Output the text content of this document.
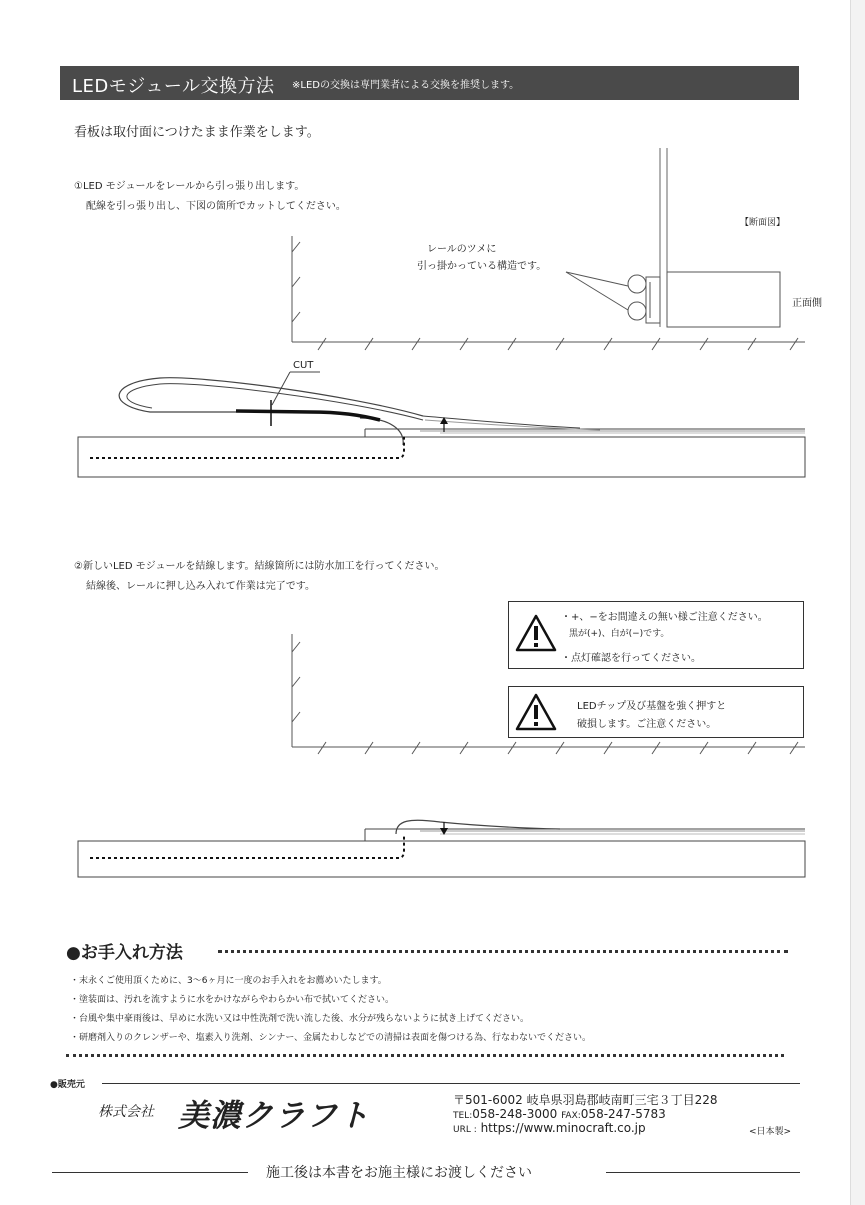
LEDモジュール交換方法 ※LEDの交換は専門業者による交換を推奨します。
看板は取付面につけたまま作業をします。
①LED モジュールをレールから引っ張り出します。
配線を引っ張り出し、下図の箇所でカットしてください。
【断面図】
レールのツメに
引っ掛かっている構造です。
正面側
CUT
②新しいLED モジュールを結線します。結線箇所には防水加工を行ってください。
結線後、レールに押し込み入れて作業は完了です。
・+、−をお間違えの無い様ご注意ください。
黒が(+)、白が(−)です。
・点灯確認を行ってください。
LEDチップ及び基盤を強く押すと
破損します。ご注意ください。
●お手入れ方法
・末永くご使用頂くために、3〜6ヶ月に一度のお手入れをお薦めいたします。
・塗装面は、汚れを流すように水をかけながらやわらかい布で拭いてください。
・台風や集中豪雨後は、早めに水洗い又は中性洗剤で洗い流した後、水分が残らないように拭き上げてください。
・研磨剤入りのクレンザーや、塩素入り洗剤、シンナー、金属たわしなどでの清掃は表面を傷つける為、行なわないでください。
●販売元
株式会社 美濃クラフト	〒501-6002 岐阜県羽島郡岐南町三宅３丁目228
TEL:058-248-3000 FAX:058-247-5783
URL : https://www.minocraft.co.jp	<日本製>
施工後は本書をお施主様にお渡しください
